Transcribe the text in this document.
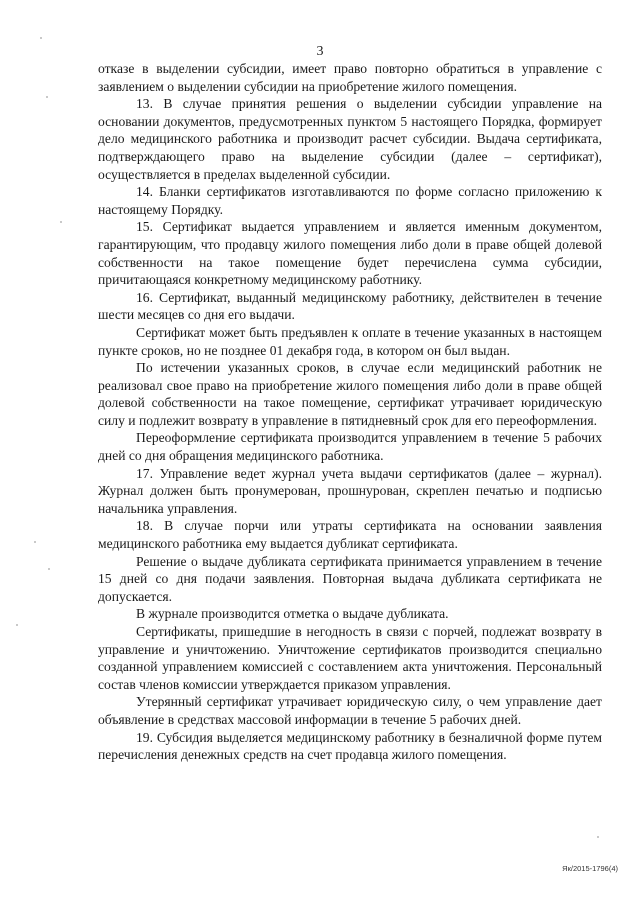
3

отказе в выделении субсидии, имеет право повторно обратиться в управление с заявлением о выделении субсидии на приобретение жилого помещения.

13. В случае принятия решения о выделении субсидии управление на основании документов, предусмотренных пунктом 5 настоящего Порядка, формирует дело медицинского работника и производит расчет субсидии. Выдача сертификата, подтверждающего право на выделение субсидии (далее – сертификат), осуществляется в пределах выделенной субсидии.

14. Бланки сертификатов изготавливаются по форме согласно приложению к настоящему Порядку.

15. Сертификат выдается управлением и является именным документом, гарантирующим, что продавцу жилого помещения либо доли в праве общей долевой собственности на такое помещение будет перечислена сумма субсидии, причитающаяся конкретному медицинскому работнику.

16. Сертификат, выданный медицинскому работнику, действителен в течение шести месяцев со дня его выдачи.

Сертификат может быть предъявлен к оплате в течение указанных в настоящем пункте сроков, но не позднее 01 декабря года, в котором он был выдан.

По истечении указанных сроков, в случае если медицинский работник не реализовал свое право на приобретение жилого помещения либо доли в праве общей долевой собственности на такое помещение, сертификат утрачивает юридическую силу и подлежит возврату в управление в пятидневный срок для его переоформления.

Переоформление сертификата производится управлением в течение 5 рабочих дней со дня обращения медицинского работника.

17. Управление ведет журнал учета выдачи сертификатов (далее – журнал). Журнал должен быть пронумерован, прошнурован, скреплен печатью и подписью начальника управления.

18. В случае порчи или утраты сертификата на основании заявления медицинского работника ему выдается дубликат сертификата.

Решение о выдаче дубликата сертификата принимается управлением в течение 15 дней со дня подачи заявления. Повторная выдача дубликата сертификата не допускается.

В журнале производится отметка о выдаче дубликата.

Сертификаты, пришедшие в негодность в связи с порчей, подлежат возврату в управление и уничтожению. Уничтожение сертификатов производится специально созданной управлением комиссией с составлением акта уничтожения. Персональный состав членов комиссии утверждается приказом управления.

Утерянный сертификат утрачивает юридическую силу, о чем управление дает объявление в средствах массовой информации в течение 5 рабочих дней.

19. Субсидия выделяется медицинскому работнику в безналичной форме путем перечисления денежных средств на счет продавца жилого помещения.

Як/2015-1796(4)
